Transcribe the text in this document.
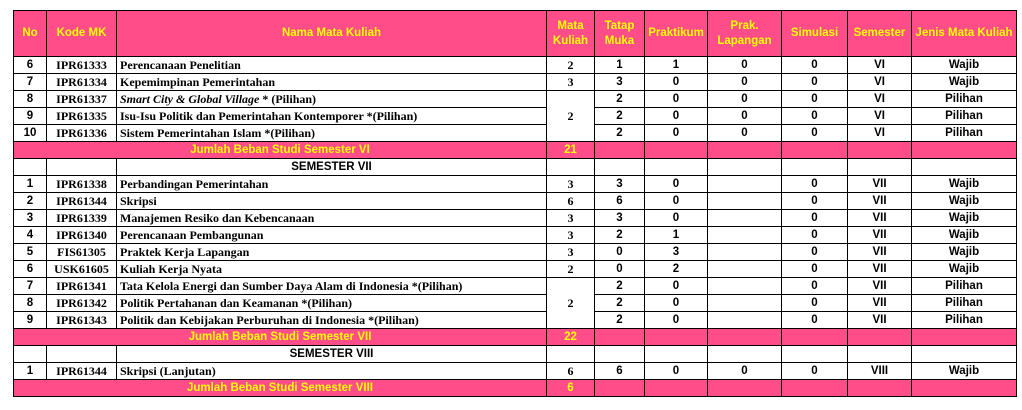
No	Kode MK	Nama Mata Kuliah	Mata Kuliah	Tatap Muka	Praktikum	Prak. Lapangan	Simulasi	Semester	Jenis Mata Kuliah
6	IPR61333	Perencanaan Penelitian	2	1	1	0	0	VI	Wajib
7	IPR61334	Kepemimpinan Pemerintahan	3	3	0	0	0	VI	Wajib
8	IPR61337	Smart City & Global Village * (Pilihan)	2	2	0	0	0	VI	Pilihan
9	IPR61335	Isu-Isu Politik dan Pemerintahan Kontemporer *(Pilihan)		2	0	0	0	VI	Pilihan
10	IPR61336	Sistem Pemerintahan Islam *(Pilihan)		2	0	0	0	VI	Pilihan
Jumlah Beban Studi Semester VI			21						
		SEMESTER VII							
1	IPR61338	Perbandingan Pemerintahan	3	3	0		0	VII	Wajib
2	IPR61344	Skripsi	6	6	0		0	VII	Wajib
3	IPR61339	Manajemen Resiko dan Kebencanaan	3	3	0		0	VII	Wajib
4	IPR61340	Perencanaan Pembangunan	3	2	1		0	VII	Wajib
5	FIS61305	Praktek Kerja Lapangan	3	0	3		0	VII	Wajib
6	USK61605	Kuliah Kerja Nyata	2	0	2		0	VII	Wajib
7	IPR61341	Tata Kelola Energi dan Sumber Daya Alam di Indonesia *(Pilihan)	2	2	0		0	VII	Pilihan
8	IPR61342	Politik Pertahanan dan Keamanan *(Pilihan)		2	0		0	VII	Pilihan
9	IPR61343	Politik dan Kebijakan Perburuhan di Indonesia *(Pilihan)		2	0		0	VII	Pilihan
Jumlah Beban Studi Semester VII			22						
		SEMESTER VIII							
1	IPR61344	Skripsi (Lanjutan)	6	6	0	0	0	VIII	Wajib
Jumlah Beban Studi Semester VIII			6						
